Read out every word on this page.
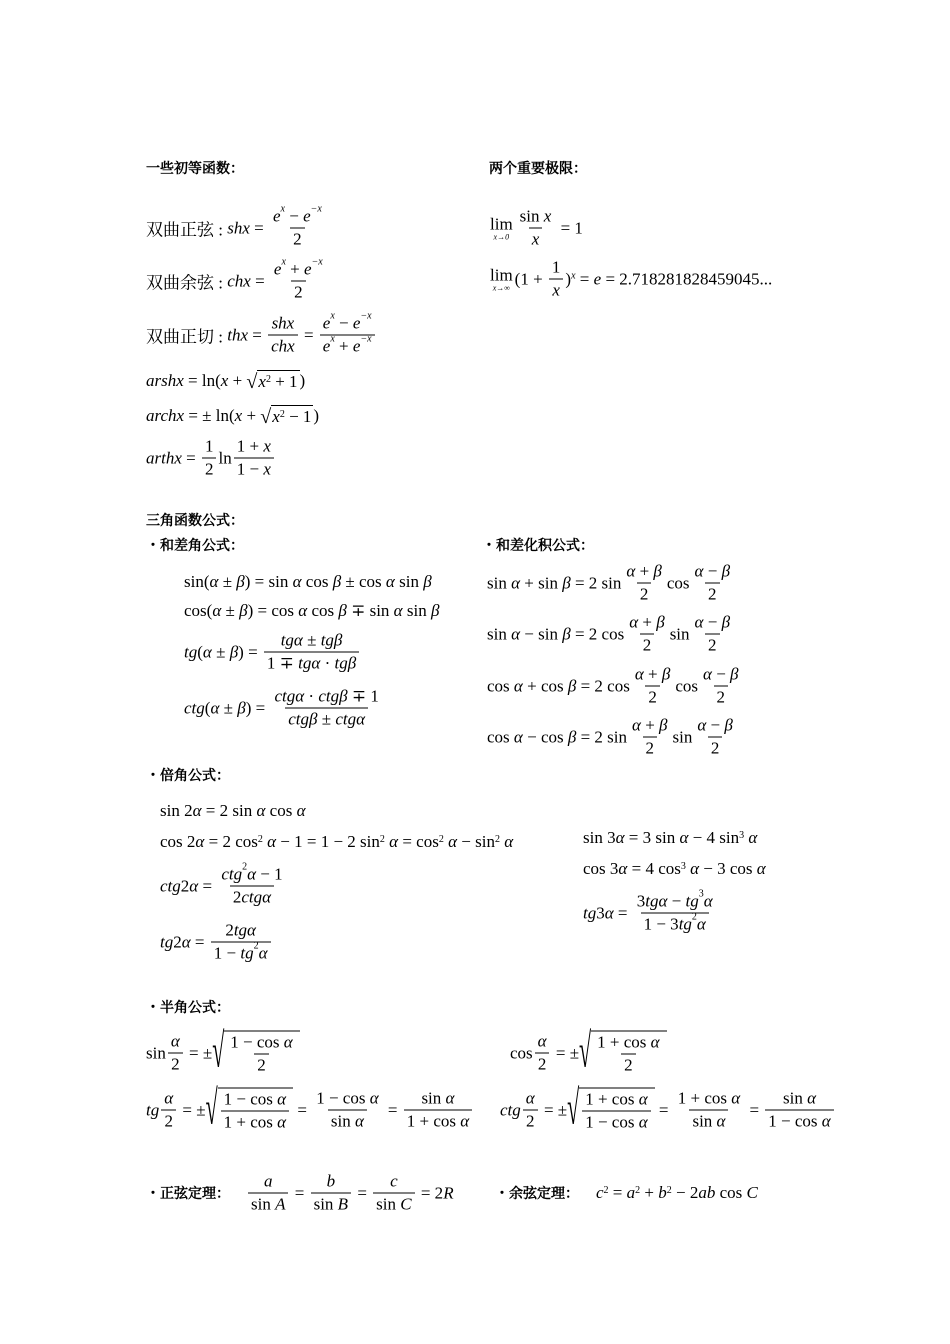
一些初等函数：	两个重要极限：
三角函数公式：
・和差角公式：	・和差化积公式：
・倍角公式：
・半角公式：
・正弦定理：	・余弦定理：
双曲正弦 : shx = $\frac{e^x - e^{-x}}{2}$
双曲余弦 : chx = $\frac{e^x + e^{-x}}{2}$
双曲正切 : thx =
shx
chx
= $\frac{e^x - e^{-x}}{e^x + e^{-x}}$
arshx = ln( x + √ x 2 + 1 )
archx = ± ln( x + √ x 2 − 1 )
arthx = $\frac{1}{2}$ $\ln \frac{1 + x}{1 - x}$
lim
$x\to 0 \frac{\text{sin x}}{x} = 1$
lim
x→∞ ($1 + \frac{1}{x}$ ) x = e = 2.718281828459045...
sin( α ± β ) = sin α cos β ± cos α sin β
cos( α ± β ) = cos α cos β ∓ sin α sin β
tg ( α ± β ) =
tgα ± tgβ
1 ∓ tgα · tgβ
ctg ( α ± β ) =
ctgα · ctgβ ∓ 1
ctgβ ± ctgα
sin α + sin β = 2 $\sin \frac{\alpha + \beta}{2}$ $\cos \frac{\alpha - \beta}{2}$
sin α − sin β = 2 $\cos \frac{\alpha + \beta}{2}$ $\sin \frac{\alpha - \beta}{2}$
cos α + cos β = 2 $\cos \frac{\alpha + \beta}{2}$ $\cos \frac{\alpha - \beta}{2}$
cos α − cos β = 2 $\sin \frac{\alpha + \beta}{2}$ $\sin \frac{\alpha - \beta}{2}$
sin 2 α = 2 sin α cos α
cos 2 α = 2 cos 2
α − 1 = 1 − 2 sin 2
α = cos 2
α − sin 2
α
ctg 2 α =
ctg$^2$α − 1
2ctgα
tg 2 α =
2tgα
$1 - tg^2\alpha$
sin 3 α = 3 sin α − 4 sin 3
α
cos 3 α = 4 cos 3
α − 3 cos α
tg 3 α =
$3tg\alpha - tg^3\alpha$
$1 - 3tg^2\alpha$
$\sin \frac{\alpha}{2}$ = ± √ $\frac{\text{1 − cos α}}{2}$	$\cos \frac{\alpha}{2}$ = ± √ $\frac{\text{1 + cos α}}{2}$
tg $\frac{\alpha}{2}$ = ± √ $\frac{\text{1 − cos α}}{\text{1 + cos α}} = \frac{\text{1 − cos α}}{\text{sin α}} = \frac{\text{sin α}}{\text{1 + cos α}}$ ctg $\frac{\alpha}{2}$ = ± √ $\frac{\text{1 + cos α}}{\text{1 − cos α}} = \frac{\text{1 + cos α}}{\text{sin α}} = \frac{\text{sin α}}{\text{1 − cos α}}$
$\frac{a}{\text{sin A}} = \frac{b}{\text{sin B}} = \frac{c}{\text{sin C}} = 2$ R	c 2 = a 2 + b 2 − 2 ab cos C
